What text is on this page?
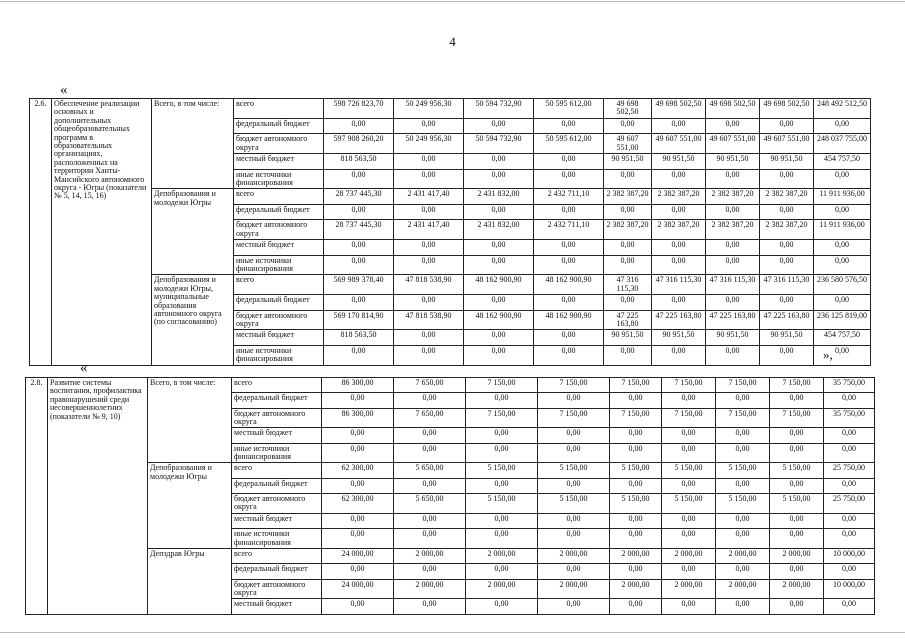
4
«
2.6.	Обеспечение реализации основных и дополнительных общеобразовательных программ в образовательных организациях, расположенных на территории Ханты-Мансийского автономного округа - Югры (показатели № 5, 14, 15, 16)	Всего, в том числе:	всего	598 726 823,70	50 249 956,30	50 594 732,90	50 595 612,00	49 698 502,50	49 698 502,50	49 698 502,50	49 698 502,50	248 492 512,50
			федеральный бюджет	0,00	0,00	0,00	0,00	0,00	0,00	0,00	0,00	0,00
			бюджет автономного округа	597 908 260,20	50 249 956,30	50 594 732,90	50 595 612,00	49 607 551,00	49 607 551,00	49 607 551,00	49 607 551,00	248 037 755,00
			местный бюджет	818 563,50	0,00	0,00	0,00	90 951,50	90 951,50	90 951,50	90 951,50	454 757,50
			иные источники финансирования	0,00	0,00	0,00	0,00	0,00	0,00	0,00	0,00	0,00
		Депобразования и молодежи Югры	всего	28 737 445,30	2 431 417,40	2 431 832,00	2 432 711,10	2 382 387,20	2 382 387,20	2 382 387,20	2 382 387,20	11 911 936,00
			федеральный бюджет	0,00	0,00	0,00	0,00	0,00	0,00	0,00	0,00	0,00
			бюджет автономного округа	28 737 445,30	2 431 417,40	2 431 832,00	2 432 711,10	2 382 387,20	2 382 387,20	2 382 387,20	2 382 387,20	11 911 936,00
			местный бюджет	0,00	0,00	0,00	0,00	0,00	0,00	0,00	0,00	0,00
			иные источники финансирования	0,00	0,00	0,00	0,00	0,00	0,00	0,00	0,00	0,00
		Депобразования и молодежи Югры, муниципальные образования автономного округа (по согласованию)	всего	569 989 378,40	47 818 538,90	48 162 900,90	48 162 900,90	47 316 115,30	47 316 115,30	47 316 115,30	47 316 115,30	236 580 576,50
			федеральный бюджет	0,00	0,00	0,00	0,00	0,00	0,00	0,00	0,00	0,00
			бюджет автономного округа	569 170 814,90	47 818 538,90	48 162 900,90	48 162 900,90	47 225 163,80	47 225 163,80	47 225 163,80	47 225 163,80	236 125 819,00
			местный бюджет	818 563,50	0,00	0,00	0,00	90 951,50	90 951,50	90 951,50	90 951,50	454 757,50
			иные источники финансирования	0,00	0,00	0,00	0,00	0,00	0,00	0,00	0,00	0,00
«
»,
2.8.	Развитие системы воспитания, профилактика правонарушений среди несовершеннолетних (показатели № 9, 10)	Всего, в том числе:	всего	86 300,00	7 650,00	7 150,00	7 150,00	7 150,00	7 150,00	7 150,00	7 150,00	35 750,00
			федеральный бюджет	0,00	0,00	0,00	0,00	0,00	0,00	0,00	0,00	0,00
			бюджет автономного округа	86 300,00	7 650,00	7 150,00	7 150,00	7 150,00	7 150,00	7 150,00	7 150,00	35 750,00
			местный бюджет	0,00	0,00	0,00	0,00	0,00	0,00	0,00	0,00	0,00
			иные источники финансирования	0,00	0,00	0,00	0,00	0,00	0,00	0,00	0,00	0,00
		Депобразования и молодежи Югры	всего	62 300,00	5 650,00	5 150,00	5 150,00	5 150,00	5 150,00	5 150,00	5 150,00	25 750,00
			федеральный бюджет	0,00	0,00	0,00	0,00	0,00	0,00	0,00	0,00	0,00
			бюджет автономного округа	62 300,00	5 650,00	5 150,00	5 150,00	5 150,00	5 150,00	5 150,00	5 150,00	25 750,00
			местный бюджет	0,00	0,00	0,00	0,00	0,00	0,00	0,00	0,00	0,00
			иные источники финансирования	0,00	0,00	0,00	0,00	0,00	0,00	0,00	0,00	0,00
		Депздрав Югры	всего	24 000,00	2 000,00	2 000,00	2 000,00	2 000,00	2 000,00	2 000,00	2 000,00	10 000,00
			федеральный бюджет	0,00	0,00	0,00	0,00	0,00	0,00	0,00	0,00	0,00
			бюджет автономного округа	24 000,00	2 000,00	2 000,00	2 000,00	2 000,00	2 000,00	2 000,00	2 000,00	10 000,00
			местный бюджет	0,00	0,00	0,00	0,00	0,00	0,00	0,00	0,00	0,00
